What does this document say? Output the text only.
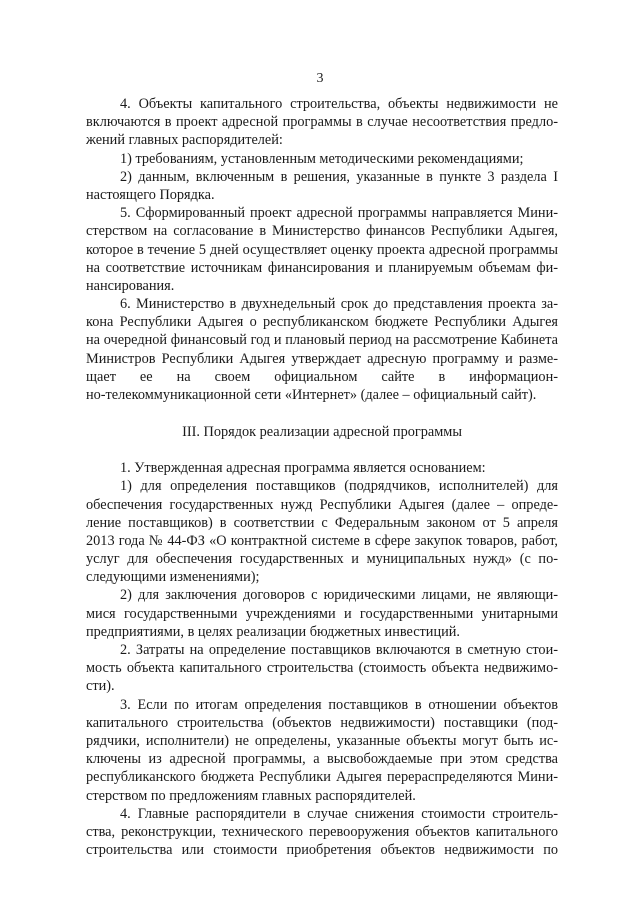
3
4. Объекты капитального строительства, объекты недвижимости не
включаются в проект адресной программы в случае несоответствия предло-
жений главных распорядителей:
1) требованиям, установленным методическими рекомендациями;
2) данным, включенным в решения, указанные в пункте 3 раздела I
настоящего Порядка.
5. Сформированный проект адресной программы направляется Мини-
стерством на согласование в Министерство финансов Республики Адыгея,
которое в течение 5 дней осуществляет оценку проекта адресной программы
на соответствие источникам финансирования и планируемым объемам фи-
нансирования.
6. Министерство в двухнедельный срок до представления проекта за-
кона Республики Адыгея о республиканском бюджете Республики Адыгея
на очередной финансовый год и плановый период на рассмотрение Кабинета
Министров Республики Адыгея утверждает адресную программу и разме-
щает ее на своем официальном сайте в информацион-
но-телекоммуникационной сети «Интернет» (далее – официальный сайт).
III. Порядок реализации адресной программы
1. Утвержденная адресная программа является основанием:
1) для определения поставщиков (подрядчиков, исполнителей) для
обеспечения государственных нужд Республики Адыгея (далее – опреде-
ление поставщиков) в соответствии с Федеральным законом от 5 апреля
2013 года № 44-ФЗ «О контрактной системе в сфере закупок товаров, работ,
услуг для обеспечения государственных и муниципальных нужд» (с по-
следующими изменениями);
2) для заключения договоров с юридическими лицами, не являющи-
мися государственными учреждениями и государственными унитарными
предприятиями, в целях реализации бюджетных инвестиций.
2. Затраты на определение поставщиков включаются в сметную стои-
мость объекта капитального строительства (стоимость объекта недвижимо-
сти).
3. Если по итогам определения поставщиков в отношении объектов
капитального строительства (объектов недвижимости) поставщики (под-
рядчики, исполнители) не определены, указанные объекты могут быть ис-
ключены из адресной программы, а высвобождаемые при этом средства
республиканского бюджета Республики Адыгея перераспределяются Мини-
стерством по предложениям главных распорядителей.
4. Главные распорядители в случае снижения стоимости строитель-
ства, реконструкции, технического перевооружения объектов капитального
строительства или стоимости приобретения объектов недвижимости по
